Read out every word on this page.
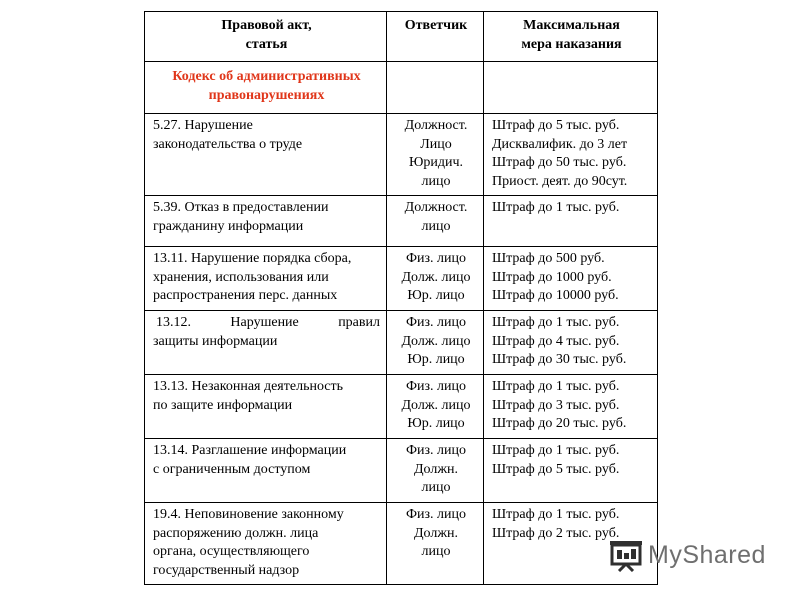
Правовой акт,
статья	Ответчик	Максимальная
мера наказания

Кодекс об административных
правонарушениях		

5.27. Нарушение
законодательства о труде	Должност.
Лицо
Юридич.
лицо	Штраф до 5 тыс. руб.
Дисквалифик. до 3 лет
Штраф до 50 тыс. руб.
Приост. деят. до 90сут.

5.39. Отказ в предоставлении
гражданину информации	Должност.
лицо	Штраф до 1 тыс. руб.

13.11. Нарушение порядка сбора,
хранения, использования или
распространения перс. данных	Физ. лицо
Долж. лицо
Юр. лицо	Штраф до 500 руб.
Штраф до 1000 руб.
Штраф до 10000 руб.

13.12. Нарушение правил
защиты информации	Физ. лицо
Долж. лицо
Юр. лицо	Штраф до 1 тыс. руб.
Штраф до 4 тыс. руб.
Штраф до 30 тыс. руб.

13.13. Незаконная деятельность
по защите информации	Физ. лицо
Долж. лицо
Юр. лицо	Штраф до 1 тыс. руб.
Штраф до 3 тыс. руб.
Штраф до 20 тыс. руб.

13.14. Разглашение информации
с ограниченным доступом	Физ. лицо
Должн.
лицо	Штраф до 1 тыс. руб.
Штраф до 5 тыс. руб.

19.4. Неповиновение законному
распоряжению должн. лица
органа, осуществляющего
государственный надзор	Физ. лицо
Должн.
лицо	Штраф до 1 тыс. руб.
Штраф до 2 тыс. руб.
MyShared
